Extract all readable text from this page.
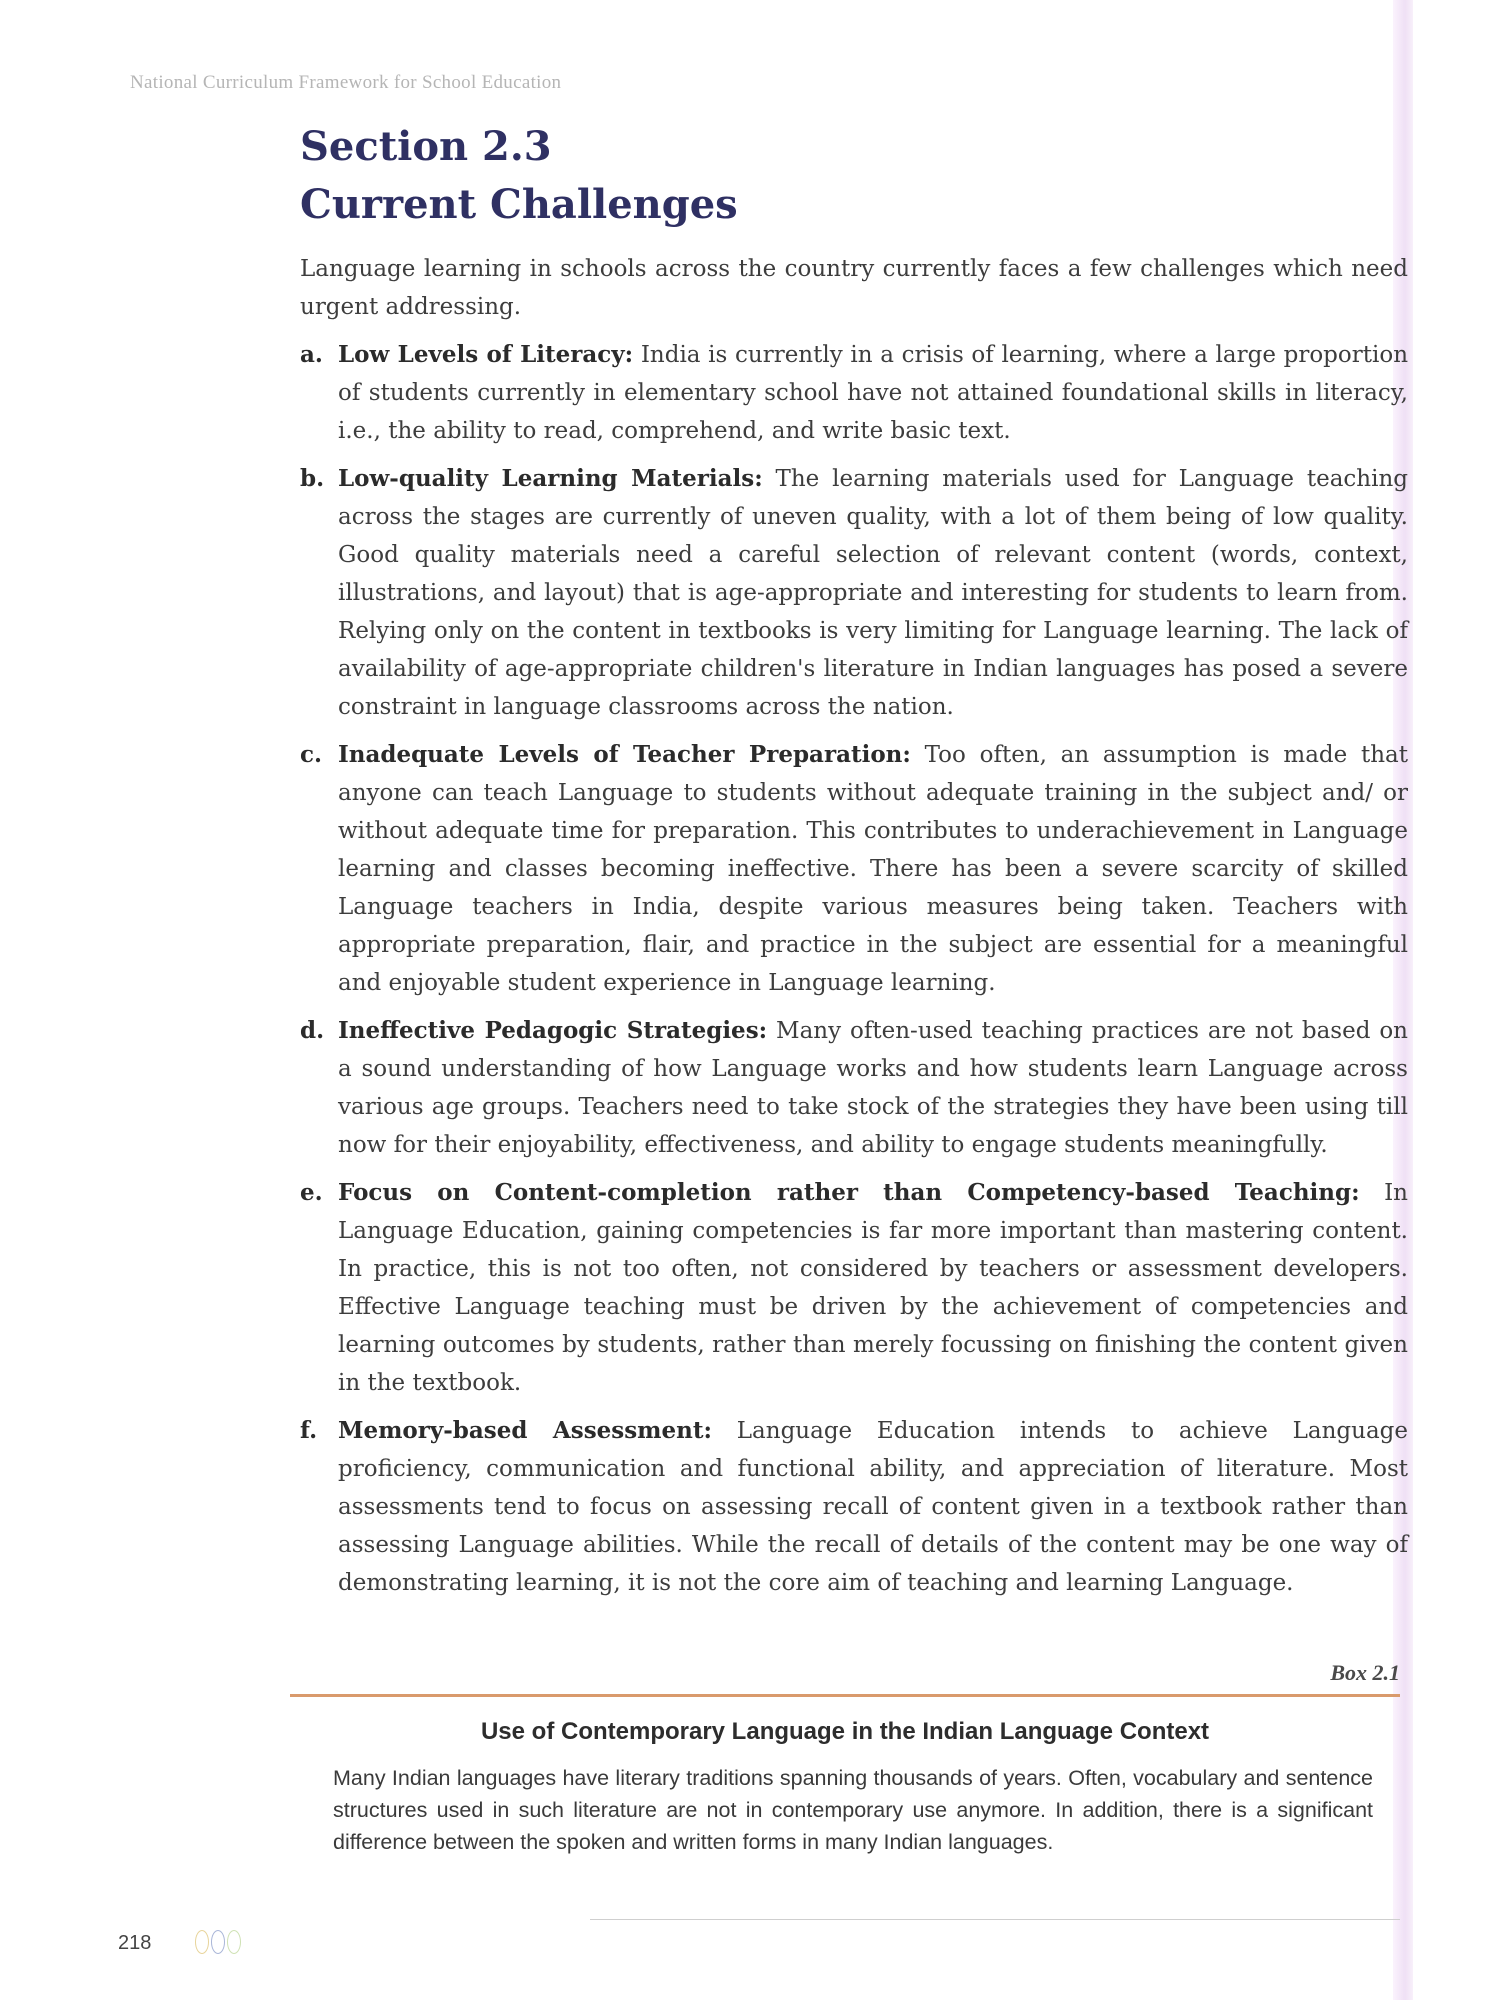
National Curriculum Framework for School Education
Section 2.3
Current Challenges

Language learning in schools across the country currently faces a few challenges which need urgent addressing.

a. Low Levels of Literacy: India is currently in a crisis of learning, where a large proportion of students currently in elementary school have not attained foundational skills in literacy, i.e., the ability to read, comprehend, and write basic text.
b. Low-quality Learning Materials: The learning materials used for Language teaching across the stages are currently of uneven quality, with a lot of them being of low quality. Good quality materials need a careful selection of relevant content (words, context, illustrations, and layout) that is age-appropriate and interesting for students to learn from. Relying only on the content in textbooks is very limiting for Language learning. The lack of availability of age-appropriate children's literature in Indian languages has posed a severe constraint in language classrooms across the nation.
c. Inadequate Levels of Teacher Preparation: Too often, an assumption is made that anyone can teach Language to students without adequate training in the subject and/ or without adequate time for preparation. This contributes to underachievement in Language learning and classes becoming ineffective. There has been a severe scarcity of skilled Language teachers in India, despite various measures being taken. Teachers with appropriate preparation, flair, and practice in the subject are essential for a meaningful and enjoyable student experience in Language learning.
d. Ineffective Pedagogic Strategies: Many often-used teaching practices are not based on a sound understanding of how Language works and how students learn Language across various age groups. Teachers need to take stock of the strategies they have been using till now for their enjoyability, effectiveness, and ability to engage students meaningfully.
e. Focus on Content-completion rather than Competency-based Teaching: In Language Education, gaining competencies is far more important than mastering content. In practice, this is not too often, not considered by teachers or assessment developers. Effective Language teaching must be driven by the achievement of competencies and learning outcomes by students, rather than merely focussing on finishing the content given in the textbook.
f. Memory-based Assessment: Language Education intends to achieve Language proficiency, communication and functional ability, and appreciation of literature. Most assessments tend to focus on assessing recall of content given in a textbook rather than assessing Language abilities. While the recall of details of the content may be one way of demonstrating learning, it is not the core aim of teaching and learning Language.
Box 2.1
Use of Contemporary Language in the Indian Language Context
Many Indian languages have literary traditions spanning thousands of years. Often, vocabulary and sentence structures used in such literature are not in contemporary use anymore. In addition, there is a significant difference between the spoken and written forms in many Indian languages.
218
